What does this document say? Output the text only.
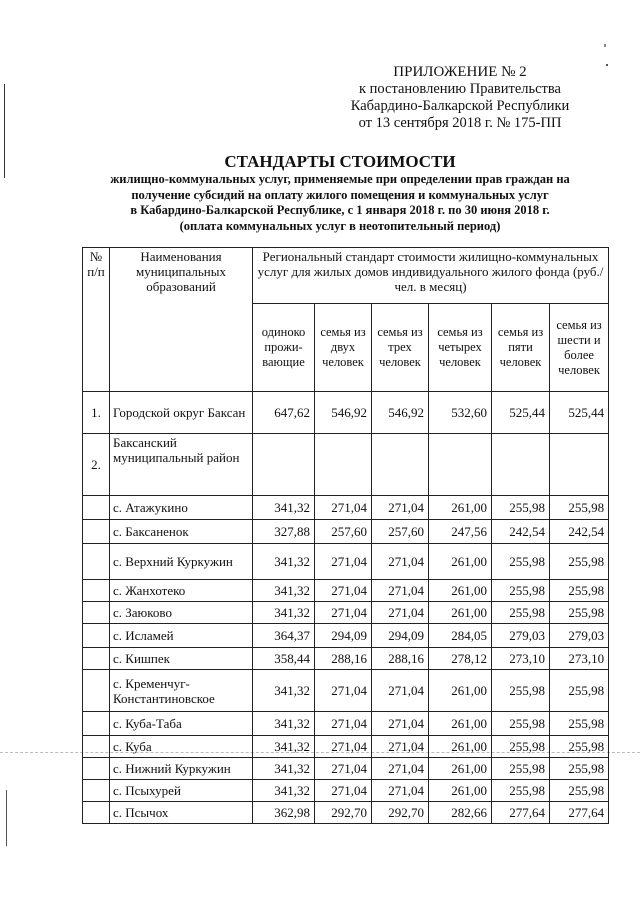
ПРИЛОЖЕНИЕ № 2
к постановлению Правительства
Кабардино-Балкарской Республики
от 13 сентября 2018 г. № 175-ПП
СТАНДАРТЫ СТОИМОСТИ
жилищно-коммунальных услуг, применяемые при определении прав граждан на
получение субсидий на оплату жилого помещения и коммунальных услуг
в Кабардино-Балкарской Республике, с 1 января 2018 г. по 30 июня 2018 г.
(оплата коммунальных услуг в неотопительный период)
№ п/п	Наименования муниципальных образований	Региональный стандарт стоимости жилищно-коммунальных услуг для жилых домов индивидуального жилого фонда (руб./чел. в месяц)					
		одиноко прожи-вающие	семья из двух человек	семья из трех человек	семья из четырех человек	семья из пяти человек	семья из шести и более человек
1.	Городской округ Баксан	647,62	546,92	546,92	532,60	525,44	525,44
2.	Баксанский муниципальный район						
	с. Атажукино	341,32	271,04	271,04	261,00	255,98	255,98
	с. Баксаненок	327,88	257,60	257,60	247,56	242,54	242,54
	с. Верхний Куркужин	341,32	271,04	271,04	261,00	255,98	255,98
	с. Жанхотеко	341,32	271,04	271,04	261,00	255,98	255,98
	с. Заюково	341,32	271,04	271,04	261,00	255,98	255,98
	с. Исламей	364,37	294,09	294,09	284,05	279,03	279,03
	с. Кишпек	358,44	288,16	288,16	278,12	273,10	273,10
	с. Кременчуг-Константиновское	341,32	271,04	271,04	261,00	255,98	255,98
	с. Куба-Таба	341,32	271,04	271,04	261,00	255,98	255,98
	с. Куба	341,32	271,04	271,04	261,00	255,98	255,98
	с. Нижний Куркужин	341,32	271,04	271,04	261,00	255,98	255,98
	с. Псыхурей	341,32	271,04	271,04	261,00	255,98	255,98
	с. Псычох	362,98	292,70	292,70	282,66	277,64	277,64
